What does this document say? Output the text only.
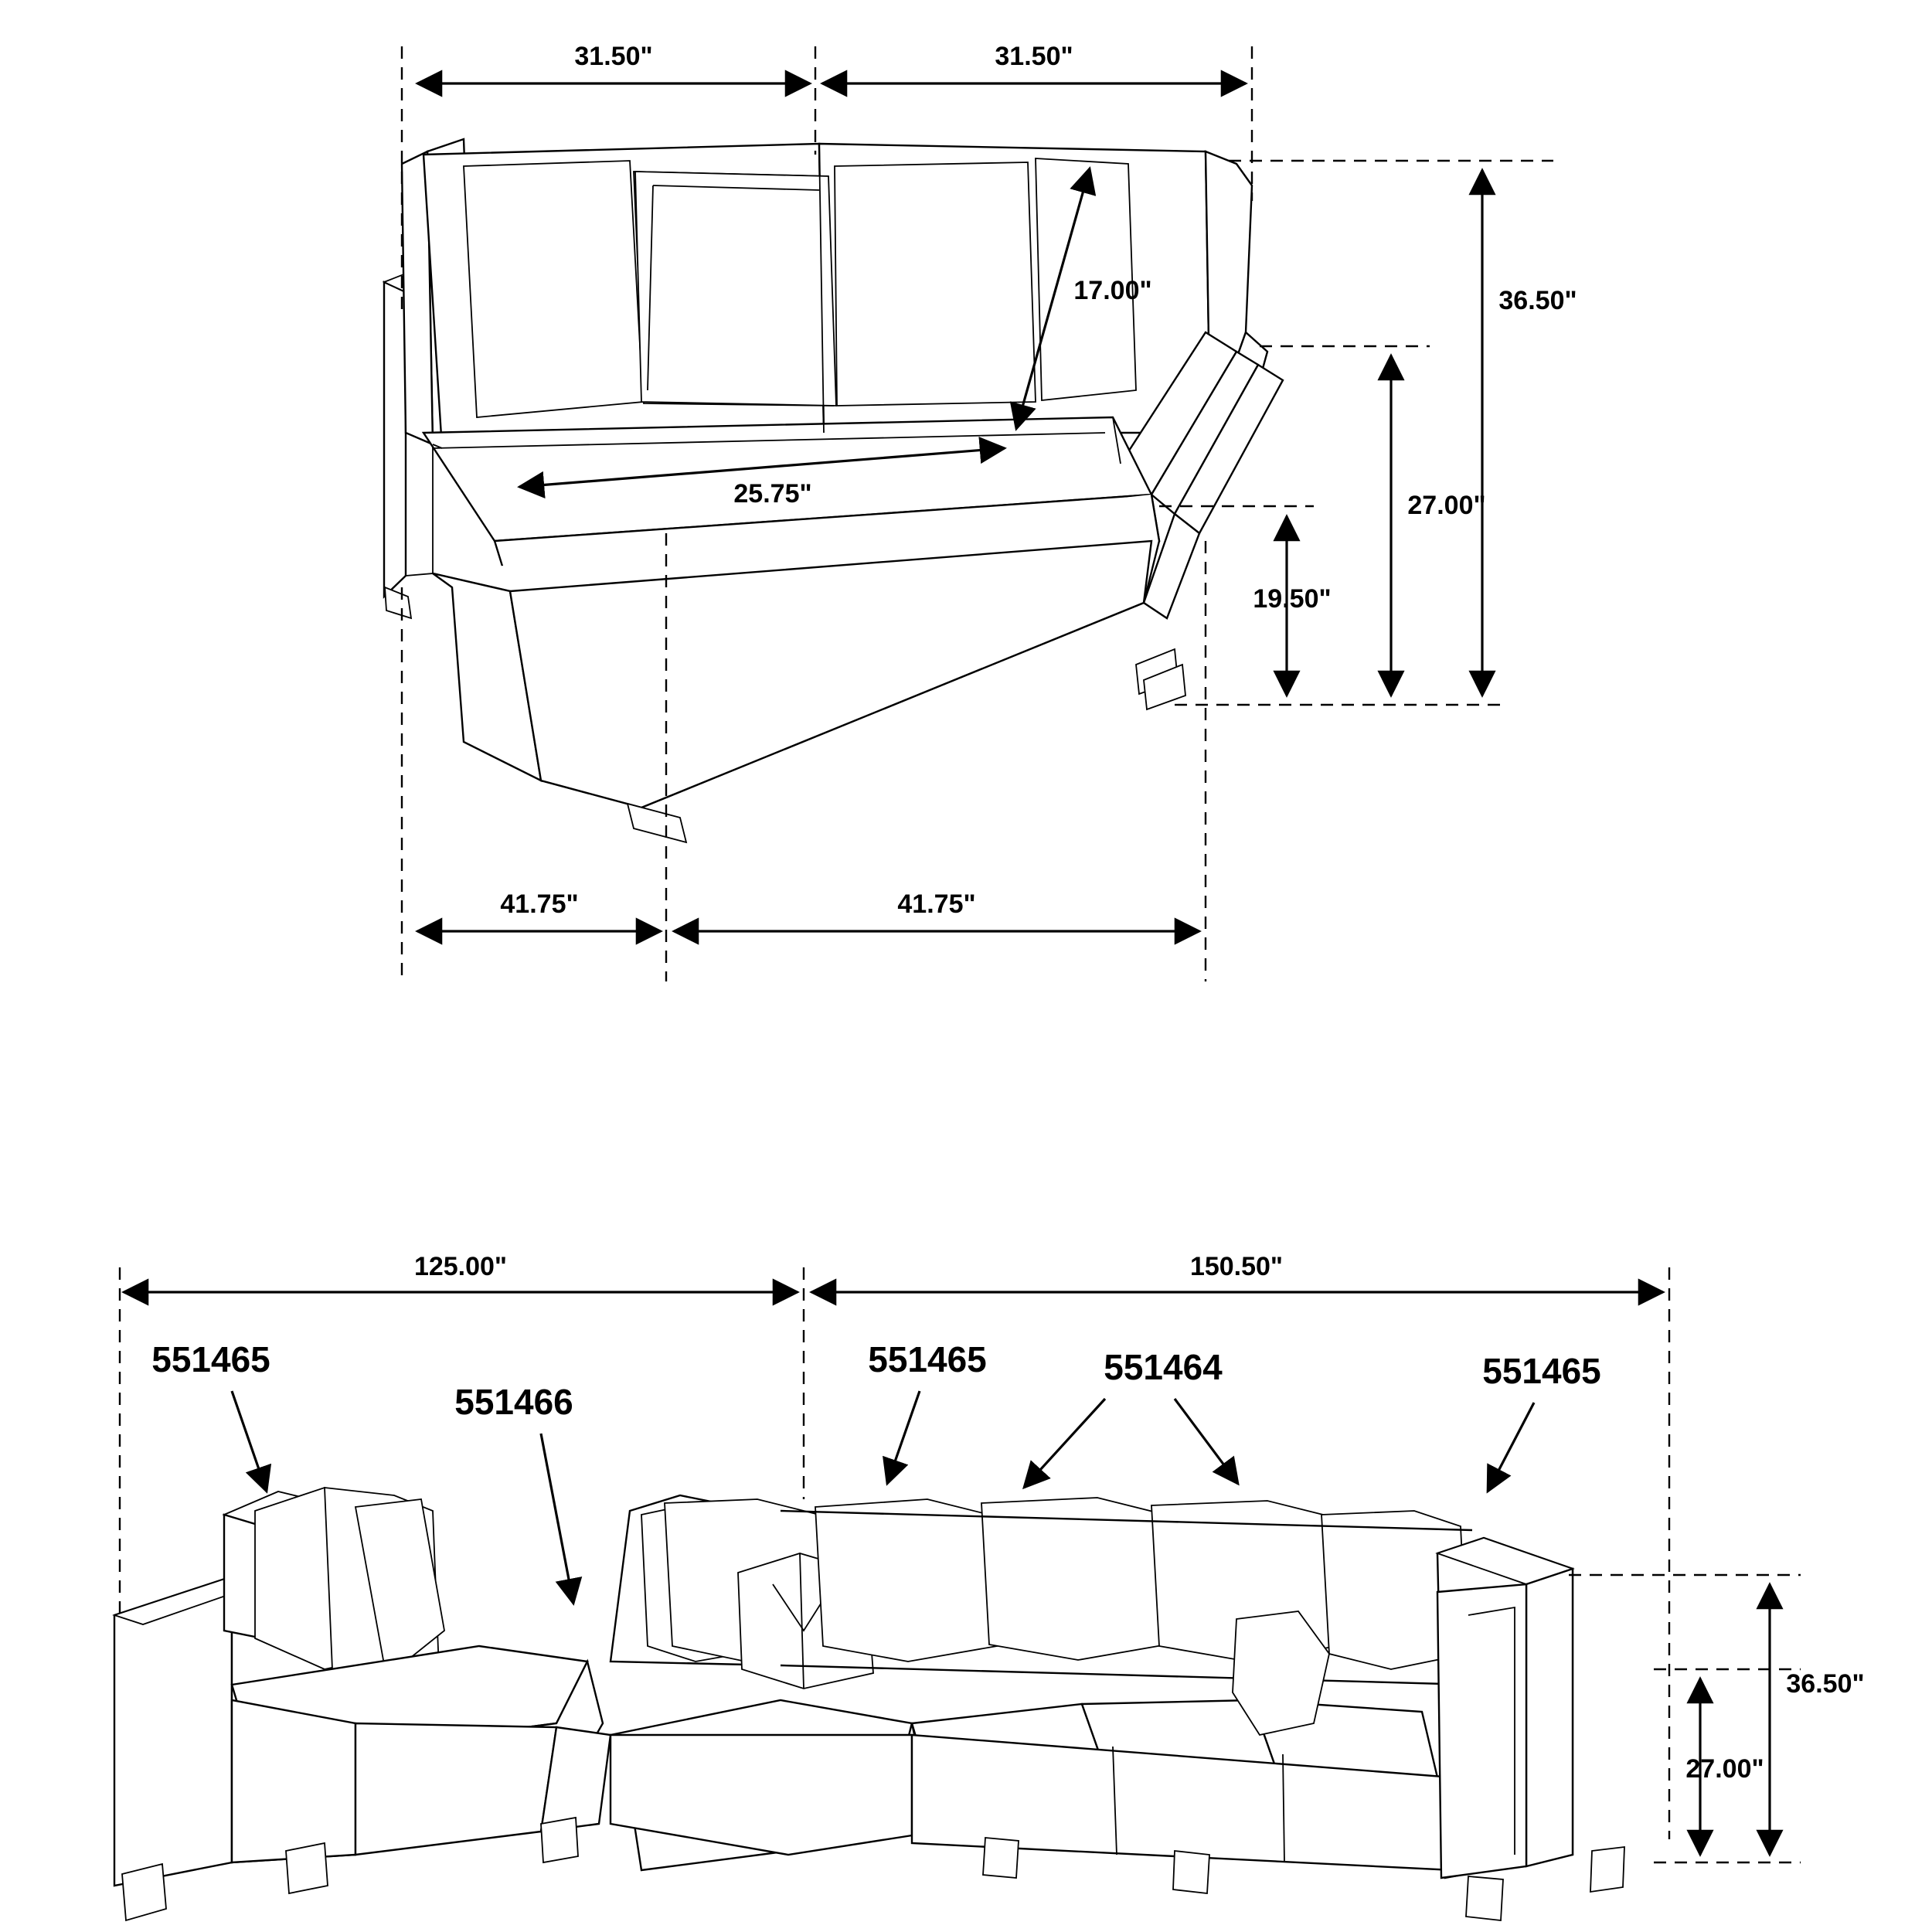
31.50"	31.50"
17.00"
25.75"
36.50"
27.00"
19.50"
41.75"	41.75"
125.00"	150.50"
36.50"
27.00"
551465
551466
551465	551464	551465
